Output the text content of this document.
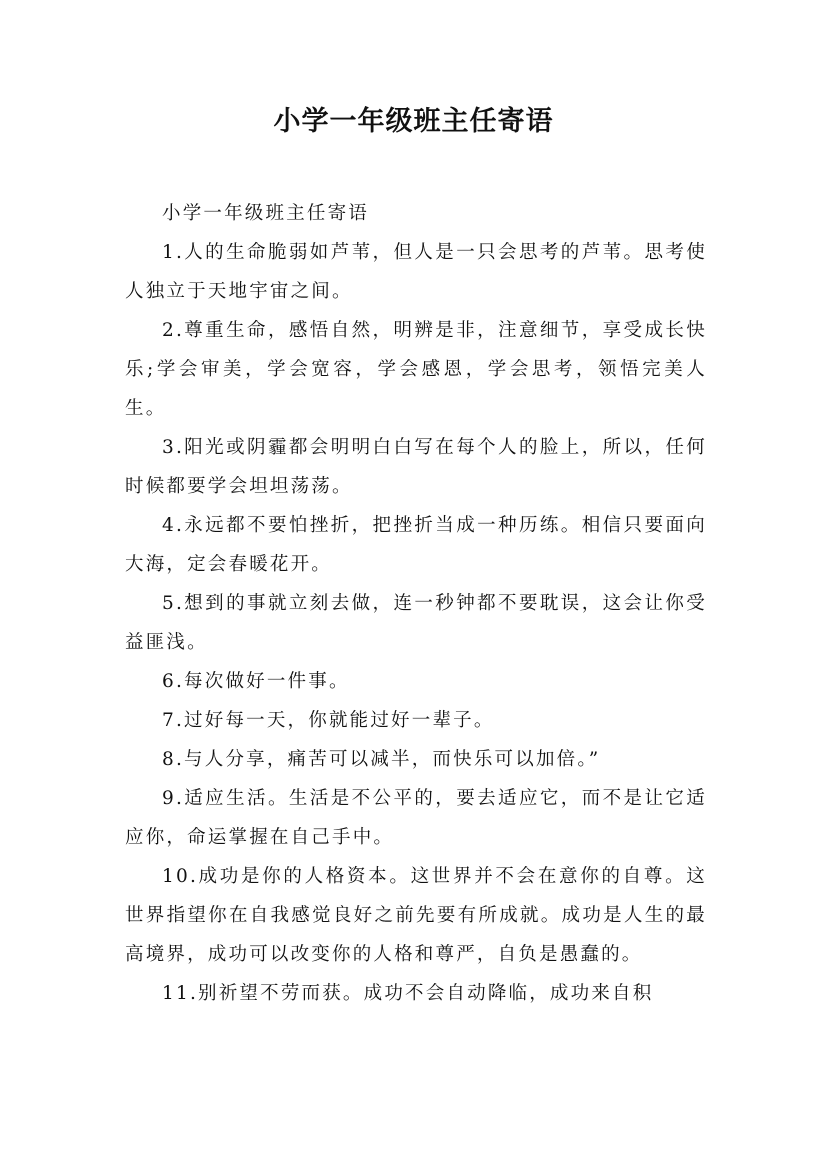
小学一年级班主任寄语

小学一年级班主任寄语

1.人的生命脆弱如芦苇，但人是一只会思考的芦苇。思考使人独立于天地宇宙之间。

2.尊重生命，感悟自然，明辨是非，注意细节，享受成长快乐;学会审美，学会宽容，学会感恩，学会思考，领悟完美人生。

3.阳光或阴霾都会明明白白写在每个人的脸上，所以，任何时候都要学会坦坦荡荡。

4.永远都不要怕挫折，把挫折当成一种历练。相信只要面向大海，定会春暖花开。

5.想到的事就立刻去做，连一秒钟都不要耽误，这会让你受益匪浅。

6.每次做好一件事。

7.过好每一天，你就能过好一辈子。

8.与人分享，痛苦可以减半，而快乐可以加倍。”

9.适应生活。生活是不公平的，要去适应它，而不是让它适应你，命运掌握在自己手中。

10.成功是你的人格资本。这世界并不会在意你的自尊。这世界指望你在自我感觉良好之前先要有所成就。成功是人生的最高境界，成功可以改变你的人格和尊严，自负是愚蠢的。

11.别祈望不劳而获。成功不会自动降临，成功来自积
